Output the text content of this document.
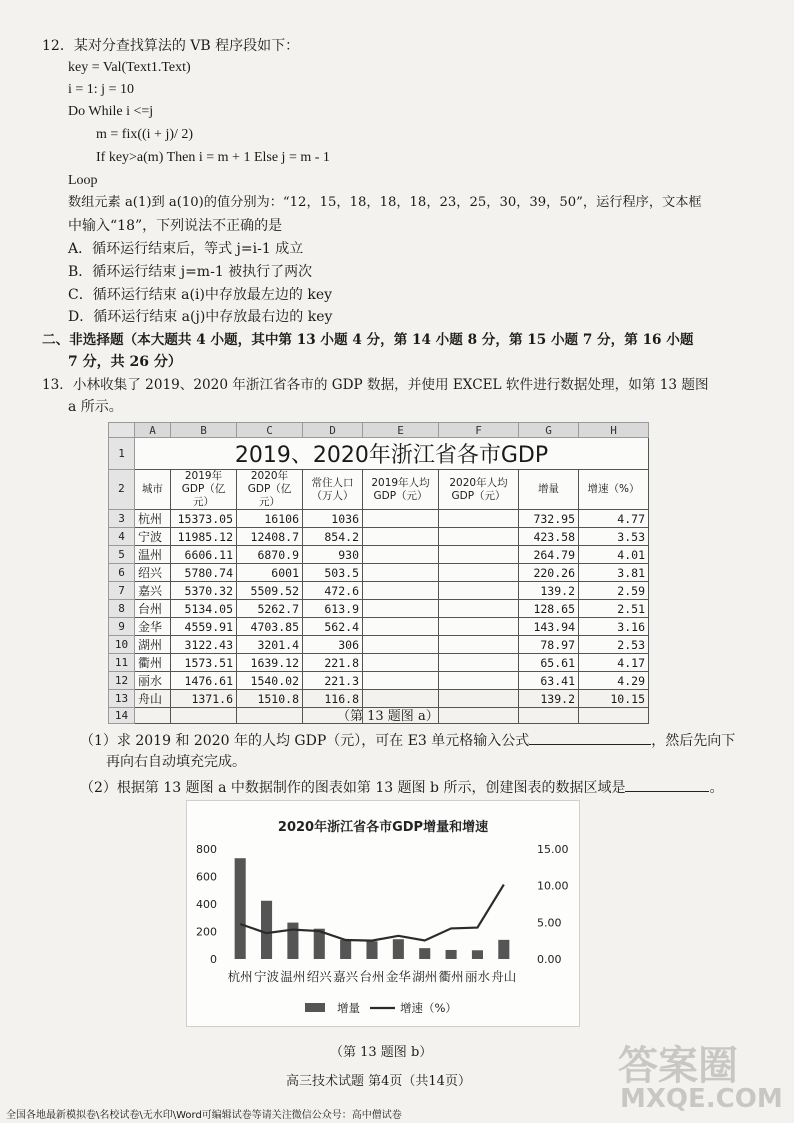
12．某对分查找算法的 VB 程序段如下：
key = Val(Text1.Text)
i = 1: j = 10
Do While i <=j
m = fix((i + j)/ 2)
If key>a(m) Then i = m + 1 Else j = m - 1
Loop
数组元素 a(1)到 a(10)的值分别为：“12，15，18，18，18，23，25，30，39，50”，运行程序，文本框
中输入“18”，下列说法不正确的是
A．循环运行结束后，等式 j=i-1 成立
B．循环运行结束 j=m-1 被执行了两次
C．循环运行结束 a(i)中存放最左边的 key
D．循环运行结束 a(j)中存放最右边的 key
二、非选择题（本大题共 4 小题，其中第 13 小题 4 分，第 14 小题 8 分，第 15 小题 7 分，第 16 小题
7 分，共 26 分）
13．小林收集了 2019、2020 年浙江省各市的 GDP 数据，并使用 EXCEL 软件进行数据处理，如第 13 题图
a 所示。
	A	B	C	D	E	F	G	H
1	2019、2020年浙江省各市GDP							
2	城市	2019年GDP（亿元）	2020年GDP（亿元）	常住人口（万人）	2019年人均GDP（元）	2020年人均GDP（元）	增量	增速（%）
3	杭州	15373.05	16106	1036			732.95	4.77
4	宁波	11985.12	12408.7	854.2			423.58	3.53
5	温州	6606.11	6870.9	930			264.79	4.01
6	绍兴	5780.74	6001	503.5			220.26	3.81
7	嘉兴	5370.32	5509.52	472.6			139.2	2.59
8	台州	5134.05	5262.7	613.9			128.65	2.51
9	金华	4559.91	4703.85	562.4			143.94	3.16
10	湖州	3122.43	3201.4	306			78.97	2.53
11	衢州	1573.51	1639.12	221.8			65.61	4.17
12	丽水	1476.61	1540.02	221.3			63.41	4.29
13	舟山	1371.6	1510.8	116.8			139.2	10.15
14									（第 13 题图 a）
（1）求 2019 和 2020 年的人均 GDP（元），可在 E3 单元格输入公式	，然后先向下
再向右自动填充完成。
（2）根据第 13 题图 a 中数据制作的图表如第 13 题图 b 所示，创建图表的数据区域是	。
2020年浙江省各市GDP增量和增速
800
600
400
200
0
15.00
10.00
5.00
0.00
杭州 宁波 温州 绍兴 嘉兴 台州 金华 湖州 衢州 丽水 舟山
增量	增速（%）
（第 13 题图 b）
高三技术试题 第4页（共14页）
全国各地最新模拟卷\名校试卷\无水印\Word可编辑试卷等请关注微信公众号：高中僧试卷
答案圈
MXQE.COM
